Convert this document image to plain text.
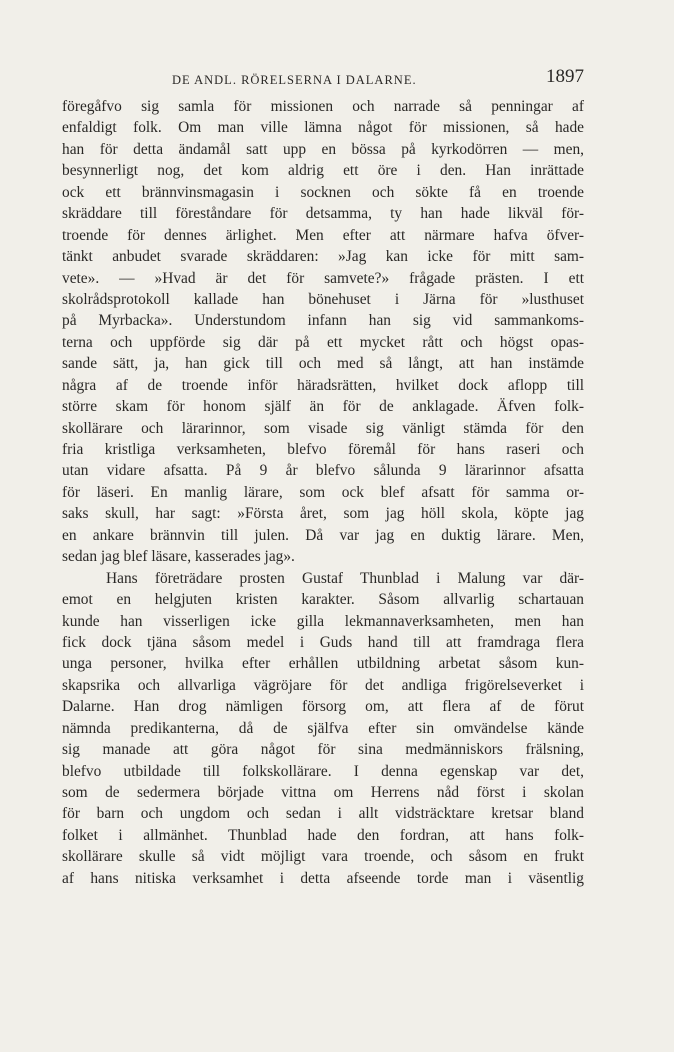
DE ANDL. RÖRELSERNA I DALARNE.	1897
föregåfvo sig samla för missionen och narrade så penningar af
enfaldigt folk. Om man ville lämna något för missionen, så hade
han för detta ändamål satt upp en bössa på kyrkodörren — men,
besynnerligt nog, det kom aldrig ett öre i den. Han inrättade
ock ett brännvinsmagasin i socknen och sökte få en troende
skräddare till föreståndare för detsamma, ty han hade likväl för-
troende för dennes ärlighet. Men efter att närmare hafva öfver-
tänkt anbudet svarade skräddaren: »Jag kan icke för mitt sam-
vete». — »Hvad är det för samvete?» frågade prästen. I ett
skolrådsprotokoll kallade han bönehuset i Järna för »lusthuset
på Myrbacka». Understundom infann han sig vid sammankoms-
terna och uppförde sig där på ett mycket rått och högst opas-
sande sätt, ja, han gick till och med så långt, att han instämde
några af de troende inför häradsrätten, hvilket dock aflopp till
större skam för honom själf än för de anklagade. Äfven folk-
skollärare och lärarinnor, som visade sig vänligt stämda för den
fria kristliga verksamheten, blefvo föremål för hans raseri och
utan vidare afsatta. På 9 år blefvo sålunda 9 lärarinnor afsatta
för läseri. En manlig lärare, som ock blef afsatt för samma or-
saks skull, har sagt: »Första året, som jag höll skola, köpte jag
en ankare brännvin till julen. Då var jag en duktig lärare. Men,
sedan jag blef läsare, kasserades jag».
Hans företrädare prosten Gustaf Thunblad i Malung var där-
emot en helgjuten kristen karakter. Såsom allvarlig schartauan
kunde han visserligen icke gilla lekmannaverksamheten, men han
fick dock tjäna såsom medel i Guds hand till att framdraga flera
unga personer, hvilka efter erhållen utbildning arbetat såsom kun-
skapsrika och allvarliga vägröjare för det andliga frigörelseverket i
Dalarne. Han drog nämligen försorg om, att flera af de förut
nämnda predikanterna, då de själfva efter sin omvändelse kände
sig manade att göra något för sina medmänniskors frälsning,
blefvo utbildade till folkskollärare. I denna egenskap var det,
som de sedermera började vittna om Herrens nåd först i skolan
för barn och ungdom och sedan i allt vidsträcktare kretsar bland
folket i allmänhet. Thunblad hade den fordran, att hans folk-
skollärare skulle så vidt möjligt vara troende, och såsom en frukt
af hans nitiska verksamhet i detta afseende torde man i väsentlig
